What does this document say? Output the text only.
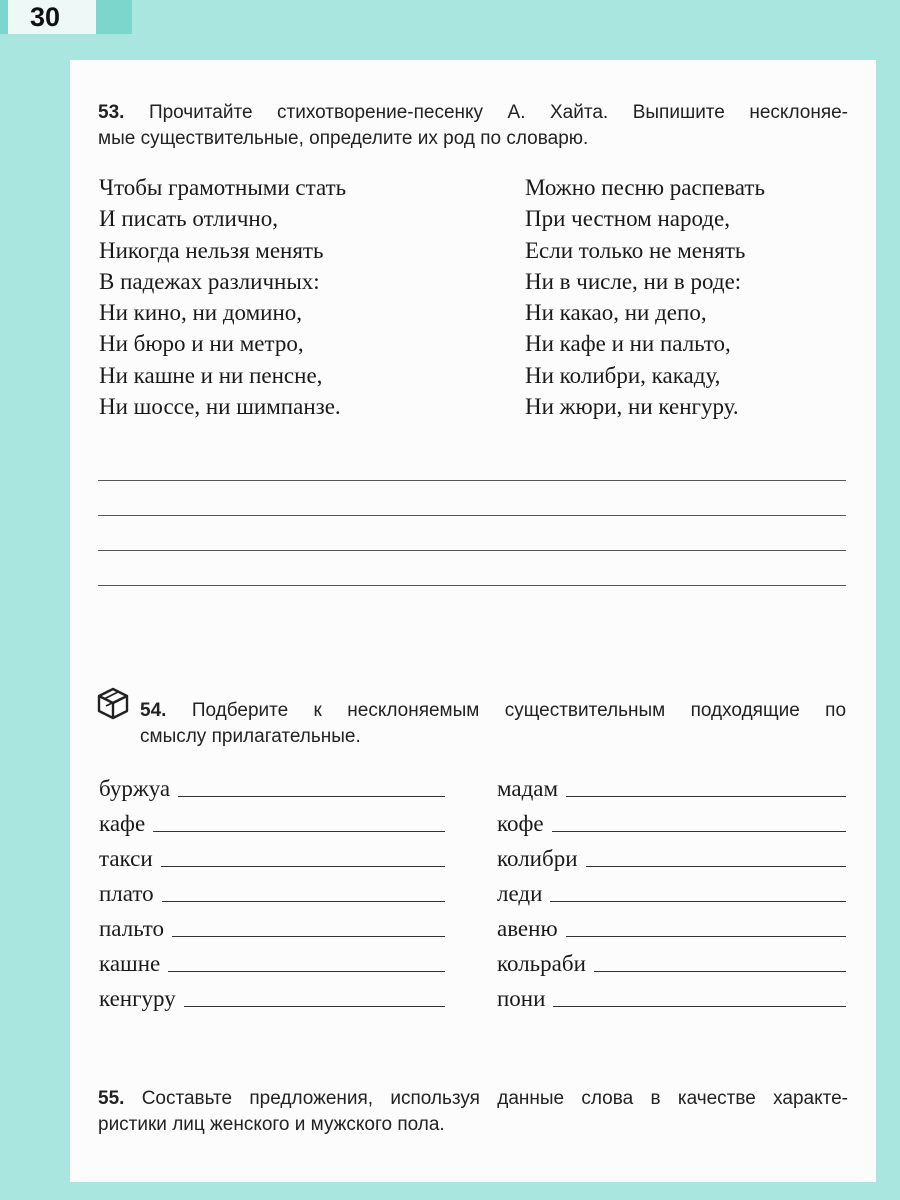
30
53. Прочитайте стихотворение-песенку А. Хайта. Выпишите несклоняе-
мые существительные, определите их род по словарю.
Чтобы грамотными стать
И писать отлично,
Никогда нельзя менять
В падежах различных:
Ни кино, ни домино,
Ни бюро и ни метро,
Ни кашне и ни пенсне,
Ни шоссе, ни шимпанзе.
Можно песню распевать
При честном народе,
Если только не менять
Ни в числе, ни в роде:
Ни какао, ни депо,
Ни кафе и ни пальто,
Ни колибри, какаду,
Ни жюри, ни кенгуру.
54. Подберите к несклоняемым существительным подходящие по
смыслу прилагательные.
буржуа
кафе
такси
плато
пальто
кашне
кенгуру
мадам
кофе
колибри
леди
авеню
кольраби
пони
55. Составьте предложения, используя данные слова в качестве характе-
ристики лиц женского и мужского пола.
